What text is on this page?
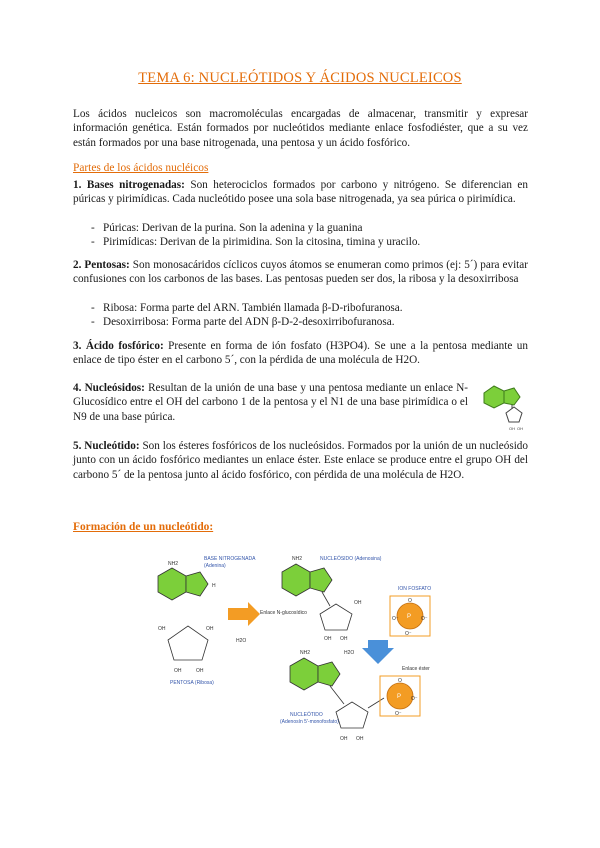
TEMA 6: NUCLEÓTIDOS Y ÁCIDOS NUCLEICOS

Los ácidos nucleicos son macromoléculas encargadas de almacenar, transmitir y expresar información genética. Están formados por nucleótidos mediante enlace fosfodiéster, que a su vez están formados por una base nitrogenada, una pentosa y un ácido fosfórico.

Partes de los ácidos nucléicos

1. Bases nitrogenadas: Son heterociclos formados por carbono y nitrógeno. Se diferencian en púricas y pirimídicas. Cada nucleótido posee una sola base nitrogenada, ya sea púrica o pirimídica.

- Púricas: Derivan de la purina. Son la adenina y la guanina
- Pirimídicas: Derivan de la pirimidina. Son la citosina, timina y uracilo.

2. Pentosas: Son monosacáridos cíclicos cuyos átomos se enumeran como primos (ej: 5´) para evitar confusiones con los carbonos de las bases. Las pentosas pueden ser dos, la ribosa y la desoxirribosa

- Ribosa: Forma parte del ARN. También llamada β-D-ribofuranosa.
- Desoxirribosa: Forma parte del ADN β-D-2-desoxirribofuranosa.

3. Ácido fosfórico: Presente en forma de ión fosfato (H3PO4). Se une a la pentosa mediante un enlace de tipo éster en el carbono 5´, con la pérdida de una molécula de H2O.

4. Nucleósidos: Resultan de la unión de una base y una pentosa mediante un enlace N-Glucosídico entre el OH del carbono 1 de la pentosa y el N1 de una base pirimídica o el N9 de una base púrica.

OH OH

5. Nucleótido: Son los ésteres fosfóricos de los nucleósidos. Formados por la unión de un nucleósido junto con un ácido fosfórico mediantes un enlace éster. Este enlace se produce entre el grupo OH del carbono 5´ de la pentosa junto al ácido fosfórico, con pérdida de una molécula de H2O.

Formación de un nucleótido:
NH2
H
BASE NITROGENADA
(Adenina)
OH	OH
OH	OH
PENTOSA (Ribosa)
H2O
NH2	NUCLEÓSIDO (Adenosina)
Enlace N-glucosídico
OH
OH OH
ION FOSFATO
P
O
O⁻	O⁻
O⁻
H2O
NH2
OH OH
NUCLEÓTIDO
(Adenosín 5'-monofosfato)
P
O
O⁻
O⁻
Enlace éster
